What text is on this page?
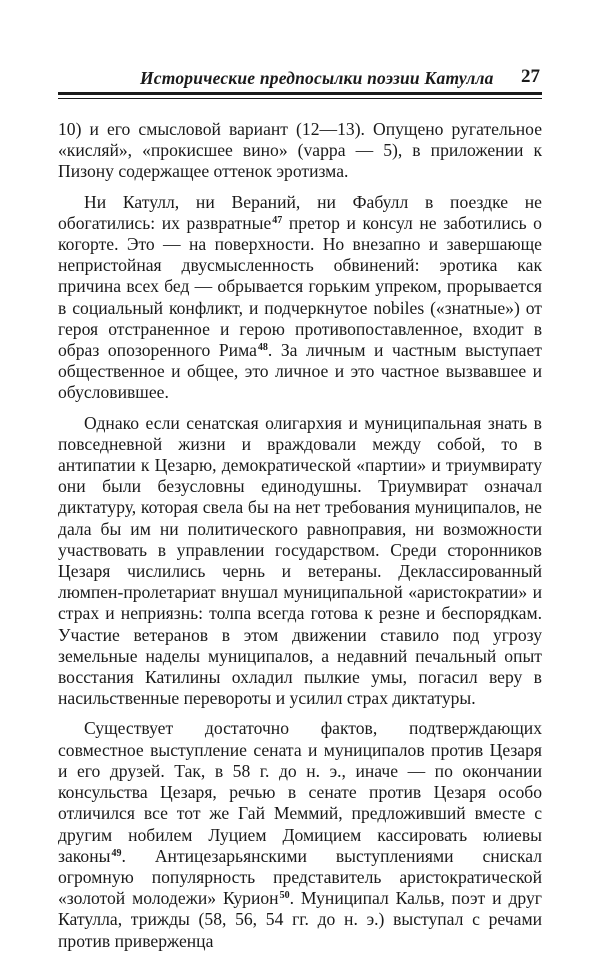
Исторические предпосылки поэзии Катулла 27

10) и его смысловой вариант (12—13). Опущено ругательное «кисляй», «прокисшее вино» (vappa — 5), в приложении к Пизону содержащее оттенок эротизма.

Ни Катулл, ни Вераний, ни Фабулл в поездке не обогатились: их развратные$^{47}$ претор и консул не заботились о когорте. Это — на поверхности. Но внезапно и завершающе непристойная двусмысленность обвинений: эротика как причина всех бед — обрывается горьким упреком, прорывается в социальный конфликт, и подчеркнутое nobiles («знатные») от героя отстраненное и герою противопоставленное, входит в образ опозоренного Рима$^{48}$. За личным и частным выступает общественное и общее, это личное и это частное вызвавшее и обусловившее.

Однако если сенатская олигархия и муниципальная знать в повседневной жизни и враждовали между собой, то в антипатии к Цезарю, демократической «партии» и триумвирату они были безусловны единодушны. Триумвират означал диктатуру, которая свела бы на нет требования муниципалов, не дала бы им ни политического равноправия, ни возможности участвовать в управлении государством. Среди сторонников Цезаря числились чернь и ветераны. Деклассированный люмпен-пролетариат внушал муниципальной «аристократии» и страх и неприязнь: толпа всегда готова к резне и беспорядкам. Участие ветеранов в этом движении ставило под угрозу земельные наделы муниципалов, а недавний печальный опыт восстания Катилины охладил пылкие умы, погасил веру в насильственные перевороты и усилил страх диктатуры.

Существует достаточно фактов, подтверждающих совместное выступление сената и муниципалов против Цезаря и его друзей. Так, в 58 г. до н. э., иначе — по окончании консульства Цезаря, речью в сенате против Цезаря особо отличился все тот же Гай Меммий, предложивший вместе с другим нобилем Луцием Домицием кассировать юлиевы законы$^{49}$. Антицезарьянскими выступлениями снискал огромную популярность представитель аристократической «золотой молодежи» Курион$^{50}$. Муниципал Кальв, поэт и друг Катулла, трижды (58, 56, 54 гг. до н. э.) выступал с речами против приверженца
